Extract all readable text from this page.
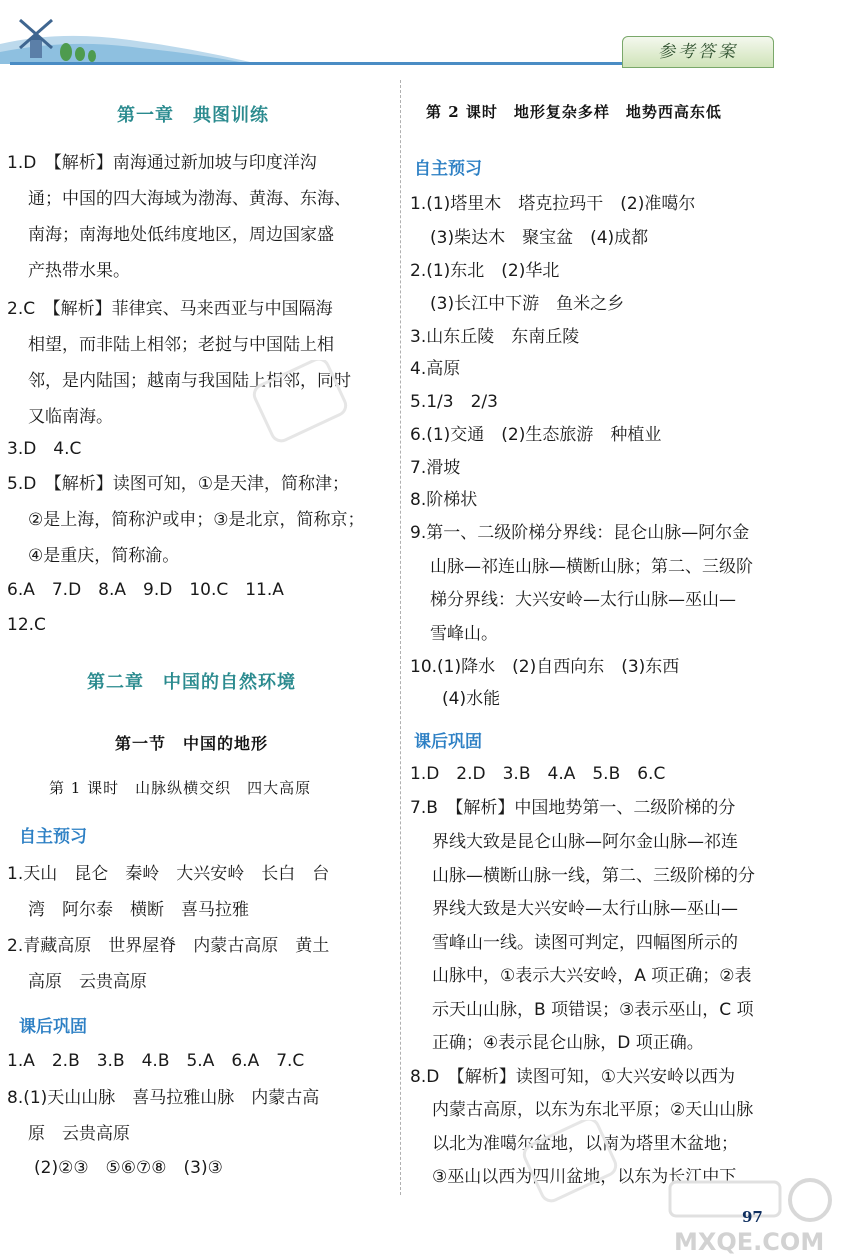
参考答案
第一章　典图训练
1.D　【解析】南海通过新加坡与印度洋沟
通；中国的四大海域为渤海、黄海、东海、
南海；南海地处低纬度地区，周边国家盛
产热带水果。
2.C　【解析】菲律宾、马来西亚与中国隔海
相望，而非陆上相邻；老挝与中国陆上相
邻，是内陆国；越南与我国陆上相邻，同时
又临南海。
3.D　4.C
5.D　【解析】读图可知，①是天津，简称津；
②是上海，简称沪或申；③是北京，简称京；
④是重庆，简称渝。
6.A　7.D　8.A　9.D　10.C　11.A
12.C
第二章　中国的自然环境
第一节　中国的地形
第 1 课时　山脉纵横交织　四大高原
自主预习
1.天山　昆仑　秦岭　大兴安岭　长白　台
湾　阿尔泰　横断　喜马拉雅
2.青藏高原　世界屋脊　内蒙古高原　黄土
高原　云贵高原
课后巩固
1.A　2.B　3.B　4.B　5.A　6.A　7.C
8.(1)天山山脉　喜马拉雅山脉　内蒙古高
原　云贵高原
(2)②③　⑤⑥⑦⑧　(3)③
第 2 课时　地形复杂多样　地势西高东低
自主预习
1.(1)塔里木　塔克拉玛干　(2)准噶尔
(3)柴达木　聚宝盆　(4)成都
2.(1)东北　(2)华北
(3)长江中下游　鱼米之乡
3.山东丘陵　东南丘陵
4.高原
5.1/3　2/3
6.(1)交通　(2)生态旅游　种植业
7.滑坡
8.阶梯状
9.第一、二级阶梯分界线：昆仑山脉—阿尔金
山脉—祁连山脉—横断山脉；第二、三级阶
梯分界线：大兴安岭—太行山脉—巫山—
雪峰山。
10.(1)降水　(2)自西向东　(3)东西
(4)水能
课后巩固
1.D　2.D　3.B　4.A　5.B　6.C
7.B　【解析】中国地势第一、二级阶梯的分
界线大致是昆仑山脉—阿尔金山脉—祁连
山脉—横断山脉一线，第二、三级阶梯的分
界线大致是大兴安岭—太行山脉—巫山—
雪峰山一线。读图可判定，四幅图所示的
山脉中，①表示大兴安岭，A 项正确；②表
示天山山脉，B 项错误；③表示巫山，C 项
正确；④表示昆仑山脉，D 项正确。
8.D　【解析】读图可知，①大兴安岭以西为
内蒙古高原，以东为东北平原；②天山山脉
以北为准噶尔盆地，以南为塔里木盆地；
③巫山以西为四川盆地，以东为长江中下
MXQE.COM
97
